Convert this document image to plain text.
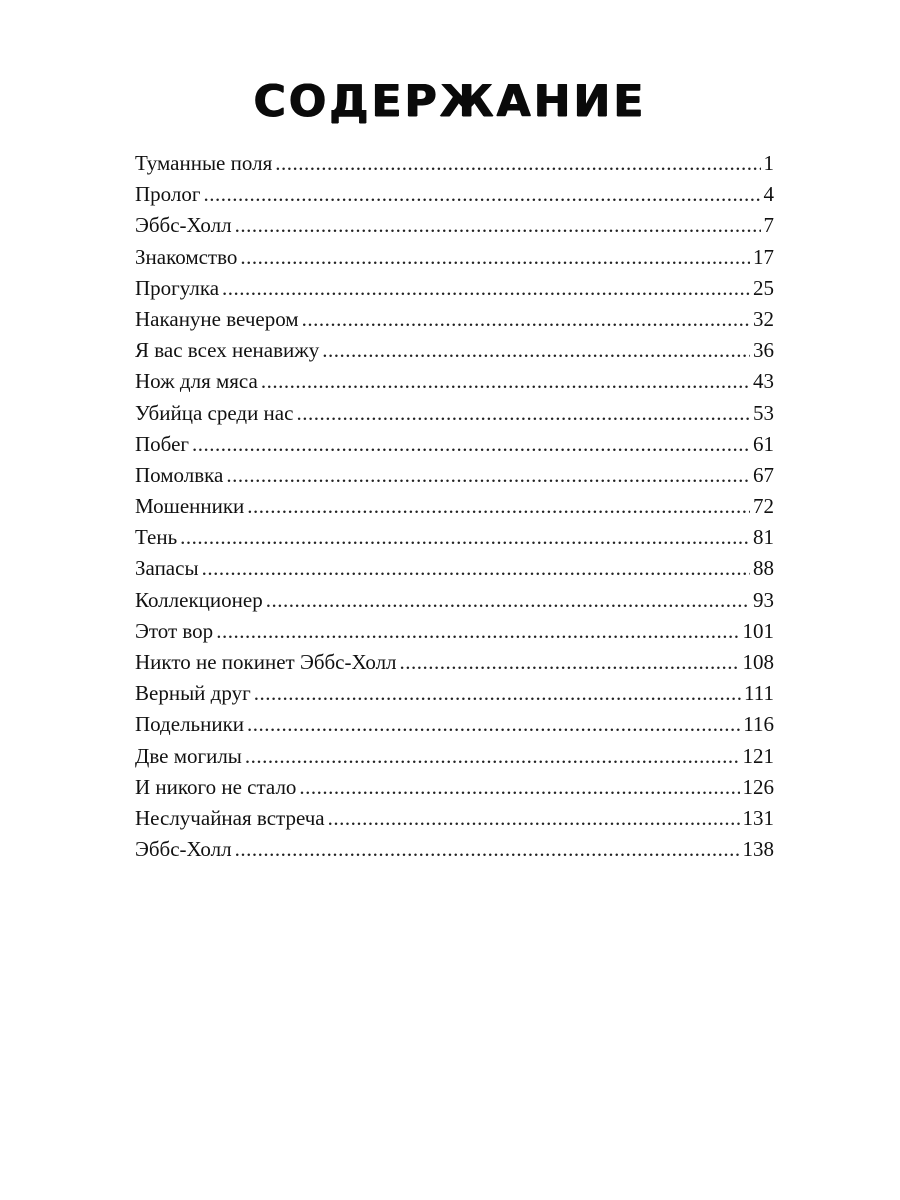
СОДЕРЖАНИЕ
Туманные поля .....	1
Пролог .....	4
Эббс-Холл .....	7
Знакомство .....	17
Прогулка .....	25
Накануне вечером .....	32
Я вас всех ненавижу .....	36
Нож для мяса .....	43
Убийца среди нас .....	53
Побег .....	61
Помолвка .....	67
Мошенники .....	72
Тень .....	81
Запасы .....	88
Коллекционер .....	93
Этот вор .....	101
Никто не покинет Эббс-Холл .....	108
Верный друг .....	111
Подельники .....	116
Две могилы .....	121
И никого не стало .....	126
Неслучайная встреча .....	131
Эббс-Холл .....	138
